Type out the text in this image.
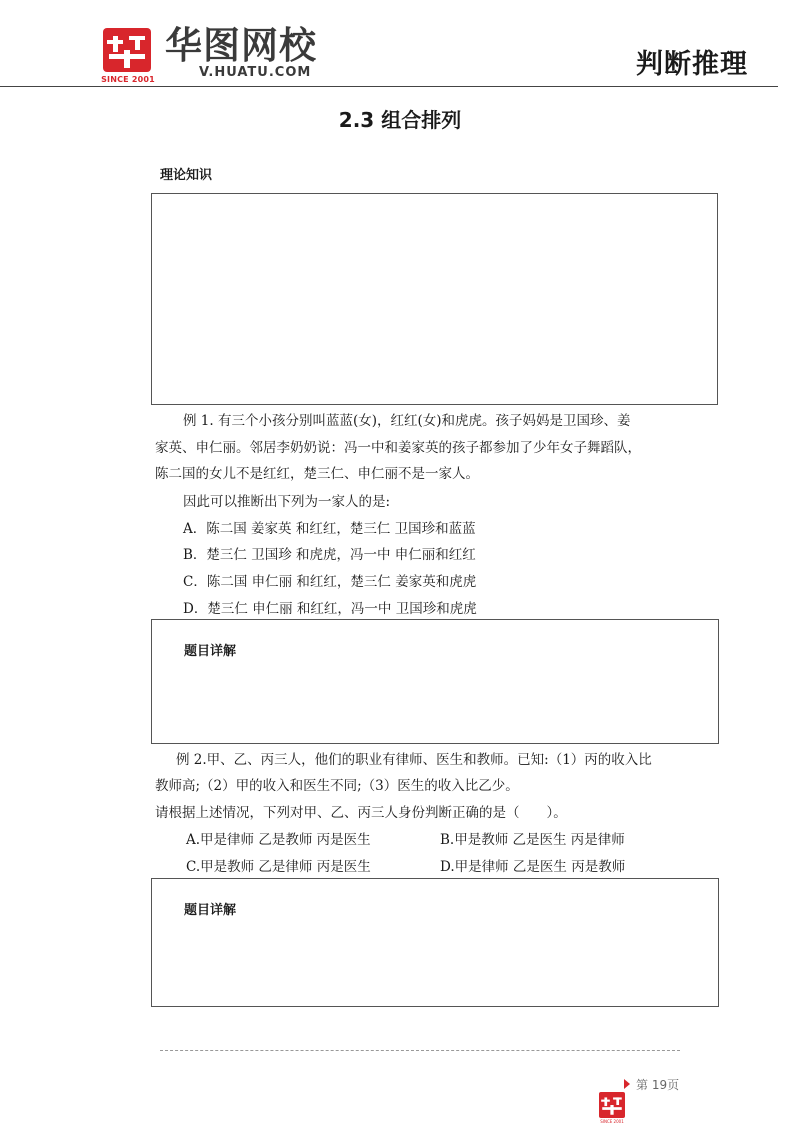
SINCE 2001
华图网校
V.HUATU.COM	判断推理
2.3 组合排列
理论知识
例 1. 有三个小孩分别叫蓝蓝(女)，红红(女)和虎虎。孩子妈妈是卫国珍、姜
家英、申仁丽。邻居李奶奶说：冯一中和姜家英的孩子都参加了少年女子舞蹈队，
陈二国的女儿不是红红，楚三仁、申仁丽不是一家人。
因此可以推断出下列为一家人的是:
A．陈二国 姜家英 和红红，楚三仁 卫国珍和蓝蓝
B．楚三仁 卫国珍 和虎虎，冯一中 申仁丽和红红
C．陈二国 申仁丽 和红红，楚三仁 姜家英和虎虎
D．楚三仁 申仁丽 和红红，冯一中 卫国珍和虎虎
题目详解
例 2.甲、乙、丙三人，他们的职业有律师、医生和教师。已知:（1）丙的收入比
教师高;（2）甲的收入和医生不同;（3）医生的收入比乙少。
请根据上述情况，下列对甲、乙、丙三人身份判断正确的是（　　）。
A.甲是律师 乙是教师 丙是医生	B.甲是教师 乙是医生 丙是律师
C.甲是教师 乙是律师 丙是医生	D.甲是律师 乙是医生 丙是教师
题目详解
第 19页
SINCE 2001
